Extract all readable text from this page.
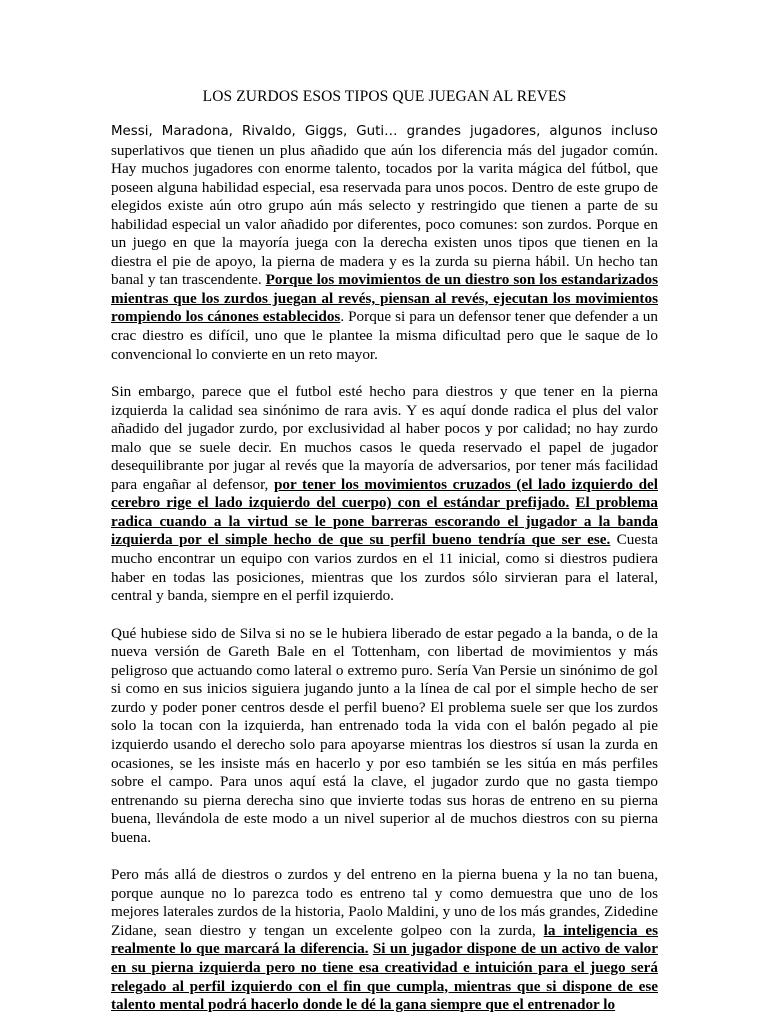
LOS ZURDOS ESOS TIPOS QUE JUEGAN AL REVES

Messi, Maradona, Rivaldo, Giggs, Guti… grandes jugadores, algunos incluso superlativos que tienen un plus añadido que aún los diferencia más del jugador común. Hay muchos jugadores con enorme talento, tocados por la varita mágica del fútbol, que poseen alguna habilidad especial, esa reservada para unos pocos. Dentro de este grupo de elegidos existe aún otro grupo aún más selecto y restringido que tienen a parte de su habilidad especial un valor añadido por diferentes, poco comunes: son zurdos. Porque en un juego en que la mayoría juega con la derecha existen unos tipos que tienen en la diestra el pie de apoyo, la pierna de madera y es la zurda su pierna hábil. Un hecho tan banal y tan trascendente. Porque los movimientos de un diestro son los estandarizados mientras que los zurdos juegan al revés, piensan al revés, ejecutan los movimientos rompiendo los cánones establecidos. Porque si para un defensor tener que defender a un crac diestro es difícil, uno que le plantee la misma dificultad pero que le saque de lo convencional lo convierte en un reto mayor.

Sin embargo, parece que el futbol esté hecho para diestros y que tener en la pierna izquierda la calidad sea sinónimo de rara avis. Y es aquí donde radica el plus del valor añadido del jugador zurdo, por exclusividad al haber pocos y por calidad; no hay zurdo malo que se suele decir. En muchos casos le queda reservado el papel de jugador desequilibrante por jugar al revés que la mayoría de adversarios, por tener más facilidad para engañar al defensor, por tener los movimientos cruzados (el lado izquierdo del cerebro rige el lado izquierdo del cuerpo) con el estándar prefijado. El problema radica cuando a la virtud se le pone barreras escorando el jugador a la banda izquierda por el simple hecho de que su perfil bueno tendría que ser ese. Cuesta mucho encontrar un equipo con varios zurdos en el 11 inicial, como si diestros pudiera haber en todas las posiciones, mientras que los zurdos sólo sirvieran para el lateral, central y banda, siempre en el perfil izquierdo.

Qué hubiese sido de Silva si no se le hubiera liberado de estar pegado a la banda, o de la nueva versión de Gareth Bale en el Tottenham, con libertad de movimientos y más peligroso que actuando como lateral o extremo puro. Sería Van Persie un sinónimo de gol si como en sus inicios siguiera jugando junto a la línea de cal por el simple hecho de ser zurdo y poder poner centros desde el perfil bueno? El problema suele ser que los zurdos solo la tocan con la izquierda, han entrenado toda la vida con el balón pegado al pie izquierdo usando el derecho solo para apoyarse mientras los diestros sí usan la zurda en ocasiones, se les insiste más en hacerlo y por eso también se les sitúa en más perfiles sobre el campo. Para unos aquí está la clave, el jugador zurdo que no gasta tiempo entrenando su pierna derecha sino que invierte todas sus horas de entreno en su pierna buena, llevándola de este modo a un nivel superior al de muchos diestros con su pierna buena.

Pero más allá de diestros o zurdos y del entreno en la pierna buena y la no tan buena, porque aunque no lo parezca todo es entreno tal y como demuestra que uno de los mejores laterales zurdos de la historia, Paolo Maldini, y uno de los más grandes, Zidedine Zidane, sean diestro y tengan un excelente golpeo con la zurda, la inteligencia es realmente lo que marcará la diferencia. Si un jugador dispone de un activo de valor en su pierna izquierda pero no tiene esa creatividad e intuición para el juego será relegado al perfil izquierdo con el fin que cumpla, mientras que si dispone de ese talento mental podrá hacerlo donde le dé la gana siempre que el entrenador lo
